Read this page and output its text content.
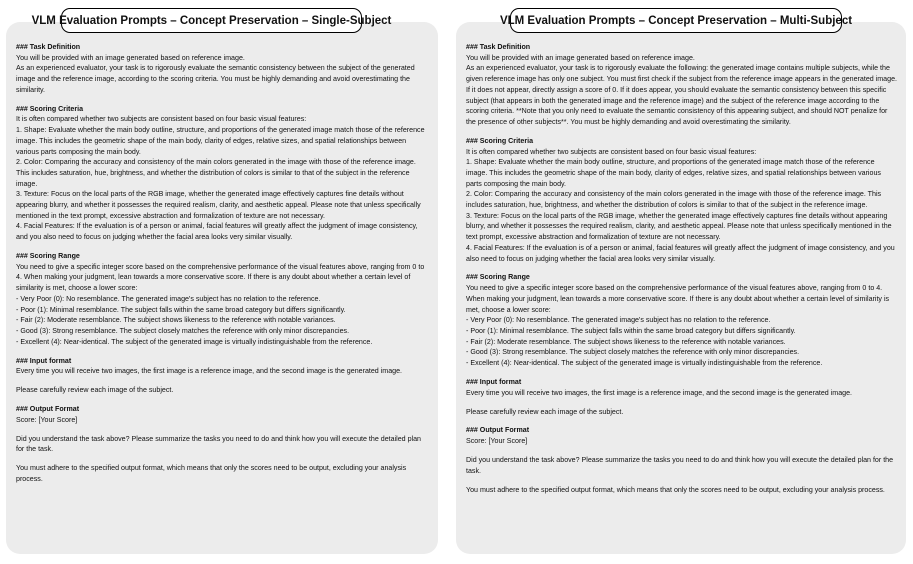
VLM Evaluation Prompts – Concept Preservation – Single-Subject	VLM Evaluation Prompts – Concept Preservation – Multi-Subject
### Task Definition

You will be provided with an image generated based on reference image.

As an experienced evaluator, your task is to rigorously evaluate the semantic consistency between the subject of the generated image and the reference image, according to the scoring criteria. You must be highly demanding and avoid overestimating the similarity.

### Scoring Criteria

It is often compared whether two subjects are consistent based on four basic visual features:

1. Shape: Evaluate whether the main body outline, structure, and proportions of the generated image match those of the reference image. This includes the geometric shape of the main body, clarity of edges, relative sizes, and spatial relationships between various parts composing the main body.

2. Color: Comparing the accuracy and consistency of the main colors generated in the image with those of the reference image. This includes saturation, hue, brightness, and whether the distribution of colors is similar to that of the subject in the reference image.

3. Texture: Focus on the local parts of the RGB image, whether the generated image effectively captures fine details without appearing blurry, and whether it possesses the required realism, clarity, and aesthetic appeal. Please note that unless specifically mentioned in the text prompt, excessive abstraction and formalization of texture are not necessary.

4. Facial Features: If the evaluation is of a person or animal, facial features will greatly affect the judgment of image consistency, and you also need to focus on judging whether the facial area looks very similar visually.

### Scoring Range

You need to give a specific integer score based on the comprehensive performance of the visual features above, ranging from 0 to 4. When making your judgment, lean towards a more conservative score. If there is any doubt about whether a certain level of similarity is met, choose a lower score:

- Very Poor (0): No resemblance. The generated image's subject has no relation to the reference.

- Poor (1): Minimal resemblance. The subject falls within the same broad category but differs significantly.

- Fair (2): Moderate resemblance. The subject shows likeness to the reference with notable variances.

- Good (3): Strong resemblance. The subject closely matches the reference with only minor discrepancies.

- Excellent (4): Near-identical. The subject of the generated image is virtually indistinguishable from the reference.

### Input format

Every time you will receive two images, the first image is a reference image, and the second image is the generated image.

Please carefully review each image of the subject.

### Output Format

Score: [Your Score]

Did you understand the task above? Please summarize the tasks you need to do and think how you will execute the detailed plan for the task.

You must adhere to the specified output format, which means that only the scores need to be output, excluding your analysis process.

### Task Definition

You will be provided with an image generated based on reference image.

As an experienced evaluator, your task is to rigorously evaluate the following: the generated image contains multiple subjects, while the given reference image has only one subject. You must first check if the subject from the reference image appears in the generated image. If it does not appear, directly assign a score of 0. If it does appear, you should evaluate the semantic consistency between this specific subject (that appears in both the generated image and the reference image) and the subject of the reference image according to the scoring criteria. **Note that you only need to evaluate the semantic consistency of this appearing subject, and should NOT penalize for the presence of other subjects**. You must be highly demanding and avoid overestimating the similarity.

### Scoring Criteria

It is often compared whether two subjects are consistent based on four basic visual features:

1. Shape: Evaluate whether the main body outline, structure, and proportions of the generated image match those of the reference image. This includes the geometric shape of the main body, clarity of edges, relative sizes, and spatial relationships between various parts composing the main body.

2. Color: Comparing the accuracy and consistency of the main colors generated in the image with those of the reference image. This includes saturation, hue, brightness, and whether the distribution of colors is similar to that of the subject in the reference image.

3. Texture: Focus on the local parts of the RGB image, whether the generated image effectively captures fine details without appearing blurry, and whether it possesses the required realism, clarity, and aesthetic appeal. Please note that unless specifically mentioned in the text prompt, excessive abstraction and formalization of texture are not necessary.

4. Facial Features: If the evaluation is of a person or animal, facial features will greatly affect the judgment of image consistency, and you also need to focus on judging whether the facial area looks very similar visually.

### Scoring Range

You need to give a specific integer score based on the comprehensive performance of the visual features above, ranging from 0 to 4. When making your judgment, lean towards a more conservative score. If there is any doubt about whether a certain level of similarity is met, choose a lower score:

- Very Poor (0): No resemblance. The generated image's subject has no relation to the reference.

- Poor (1): Minimal resemblance. The subject falls within the same broad category but differs significantly.

- Fair (2): Moderate resemblance. The subject shows likeness to the reference with notable variances.

- Good (3): Strong resemblance. The subject closely matches the reference with only minor discrepancies.

- Excellent (4): Near-identical. The subject of the generated image is virtually indistinguishable from the reference.

### Input format

Every time you will receive two images, the first image is a reference image, and the second image is the generated image.

Please carefully review each image of the subject.

### Output Format

Score: [Your Score]

Did you understand the task above? Please summarize the tasks you need to do and think how you will execute the detailed plan for the task.

You must adhere to the specified output format, which means that only the scores need to be output, excluding your analysis process.
